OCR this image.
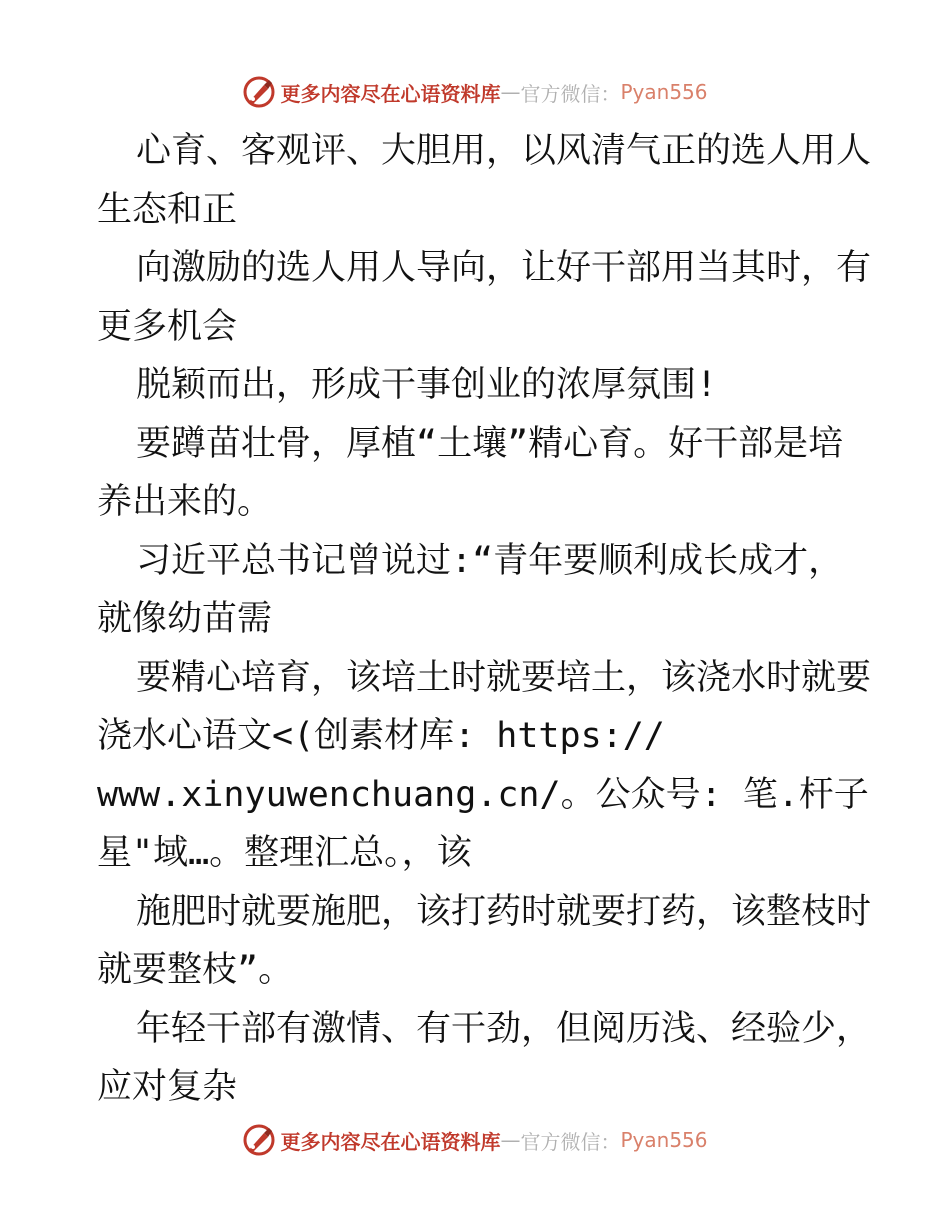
更多内容尽在心语资料库 — 官方微信： Pyan556
心育、客观评、大胆用，以风清气正的选人用人
生态和正
向激励的选人用人导向，让好干部用当其时，有
更多机会
脱颖而出，形成干事创业的浓厚氛围!
要蹲苗壮骨，厚植“土壤”精心育。好干部是培
养出来的。
习近平总书记曾说过:“青年要顺利成长成才，
就像幼苗需
要精心培育，该培土时就要培土，该浇水时就要
浇水心语文<(创素材库: https://
www.xinyuwenchuang.cn/。公众号: 笔.杆子
星"域…。整理汇总。，该
施肥时就要施肥，该打药时就要打药，该整枝时
就要整枝”。
年轻干部有激情、有干劲，但阅历浅、经验少，
应对复杂
更多内容尽在心语资料库 — 官方微信： Pyan556
